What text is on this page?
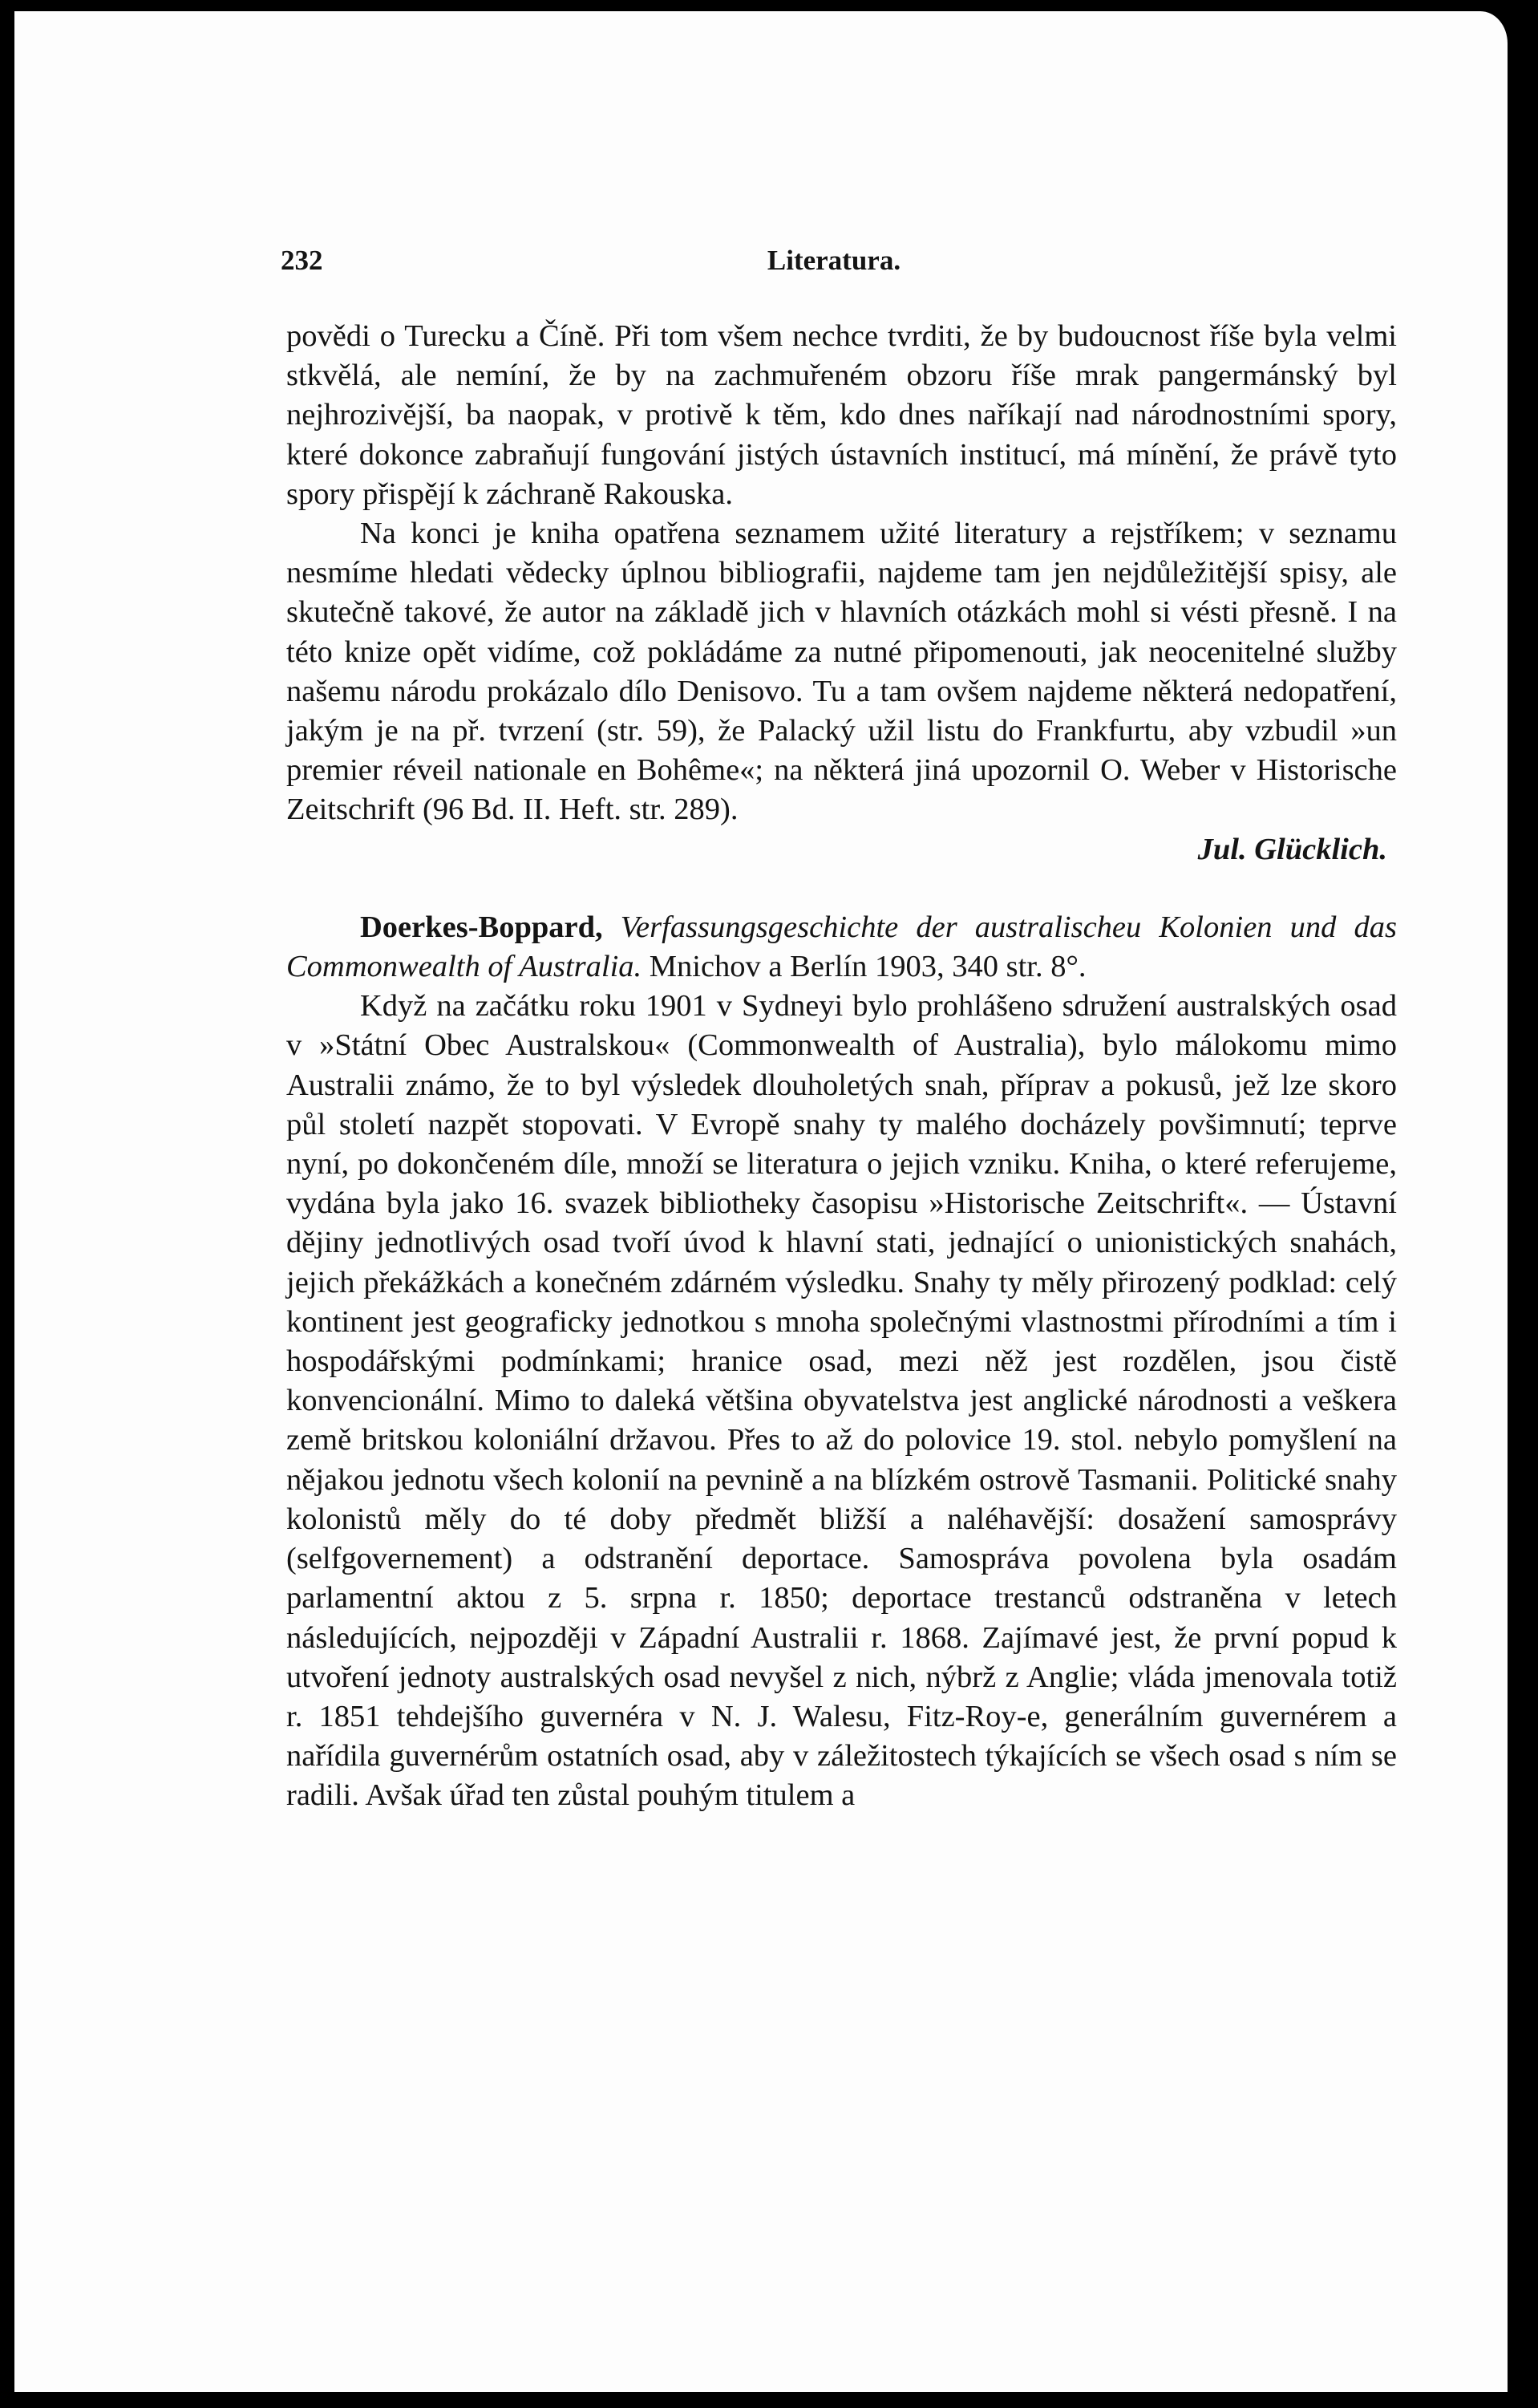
232	Literatura.

povědi o Turecku a Číně. Při tom všem nechce tvrditi, že by budoucnost říše byla velmi stkvělá, ale nemíní, že by na zachmuřeném obzoru říše mrak pangermánský byl nejhrozivější, ba naopak, v protivě k těm, kdo dnes naříkají nad národnostními spory, které dokonce zabraňují fungování jistých ústavních institucí, má mínění, že právě tyto spory přispějí k záchraně Rakouska.

Na konci je kniha opatřena seznamem užité literatury a rejstříkem; v seznamu nesmíme hledati vědecky úplnou bibliografii, najdeme tam jen nejdůležitější spisy, ale skutečně takové, že autor na základě jich v hlavních otázkách mohl si vésti přesně. I na této knize opět vidíme, což pokládáme za nutné připomenouti, jak neocenitelné služby našemu národu prokázalo dílo Denisovo. Tu a tam ovšem najdeme některá nedopatření, jakým je na př. tvrzení (str. 59), že Palacký užil listu do Frankfurtu, aby vzbudil »un premier réveil nationale en Bohême«; na některá jiná upozornil O. Weber v Historische Zeitschrift (96 Bd. II. Heft. str. 289).

Jul. Glücklich.

Doerkes-Boppard, Verfassungsgeschichte der australischeu Kolonien und das Commonwealth of Australia. Mnichov a Berlín 1903, 340 str. 8°.

Když na začátku roku 1901 v Sydneyi bylo prohlášeno sdružení australských osad v »Státní Obec Australskou« (Commonwealth of Australia), bylo málokomu mimo Australii známo, že to byl výsledek dlouholetých snah, příprav a pokusů, jež lze skoro půl století nazpět stopovati. V Evropě snahy ty malého docházely povšimnutí; teprve nyní, po dokončeném díle, množí se literatura o jejich vzniku. Kniha, o které referujeme, vydána byla jako 16. svazek bibliotheky časopisu »Historische Zeitschrift«. — Ústavní dějiny jednotlivých osad tvoří úvod k hlavní stati, jednající o unionistických snahách, jejich překážkách a konečném zdárném výsledku. Snahy ty měly přirozený podklad: celý kontinent jest geograficky jednotkou s mnoha společnými vlastnostmi přírodními a tím i hospodářskými podmínkami; hranice osad, mezi něž jest rozdělen, jsou čistě konvencionální. Mimo to daleká většina obyvatelstva jest anglické národnosti a veškera země britskou koloniální državou. Přes to až do polovice 19. stol. nebylo pomyšlení na nějakou jednotu všech kolonií na pevnině a na blízkém ostrově Tasmanii. Politické snahy kolonistů měly do té doby předmět bližší a naléhavější: dosažení samosprávy (selfgovernement) a odstranění deportace. Samospráva povolena byla osadám parlamentní aktou z 5. srpna r. 1850; deportace trestanců odstraněna v letech následujících, nejpozději v Západní Australii r. 1868. Zajímavé jest, že první popud k utvoření jednoty australských osad nevyšel z nich, nýbrž z Anglie; vláda jmenovala totiž r. 1851 tehdejšího guvernéra v N. J. Walesu, Fitz-Roy-e, generálním guvernérem a nařídila guvernérům ostatních osad, aby v záležitostech týkajících se všech osad s ním se radili. Avšak úřad ten zůstal pouhým titulem a
